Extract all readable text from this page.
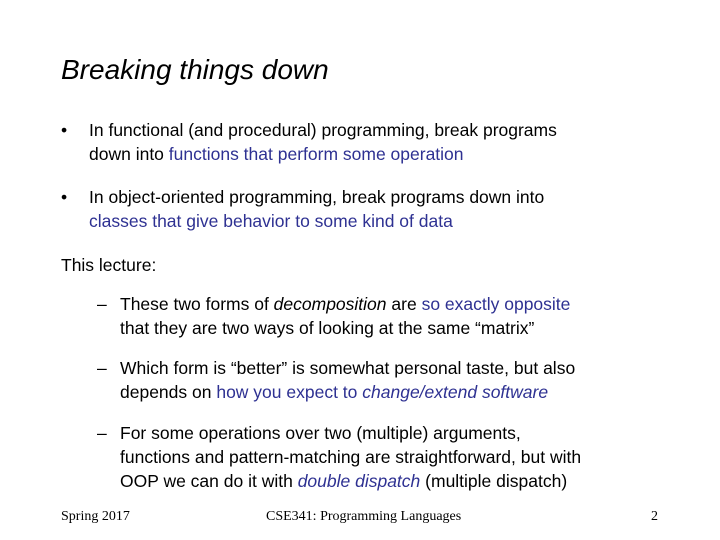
Breaking things down
• In functional (and procedural) programming, break programs
down into functions that perform some operation
• In object-oriented programming, break programs down into
classes that give behavior to some kind of data
This lecture:
– These two forms of decomposition are so exactly opposite
that they are two ways of looking at the same “matrix”
– Which form is “better” is somewhat personal taste, but also
depends on how you expect to change/extend software
– For some operations over two (multiple) arguments,
functions and pattern-matching are straightforward, but with
OOP we can do it with double dispatch (multiple dispatch)
Spring 2017	CSE341: Programming Languages	2
